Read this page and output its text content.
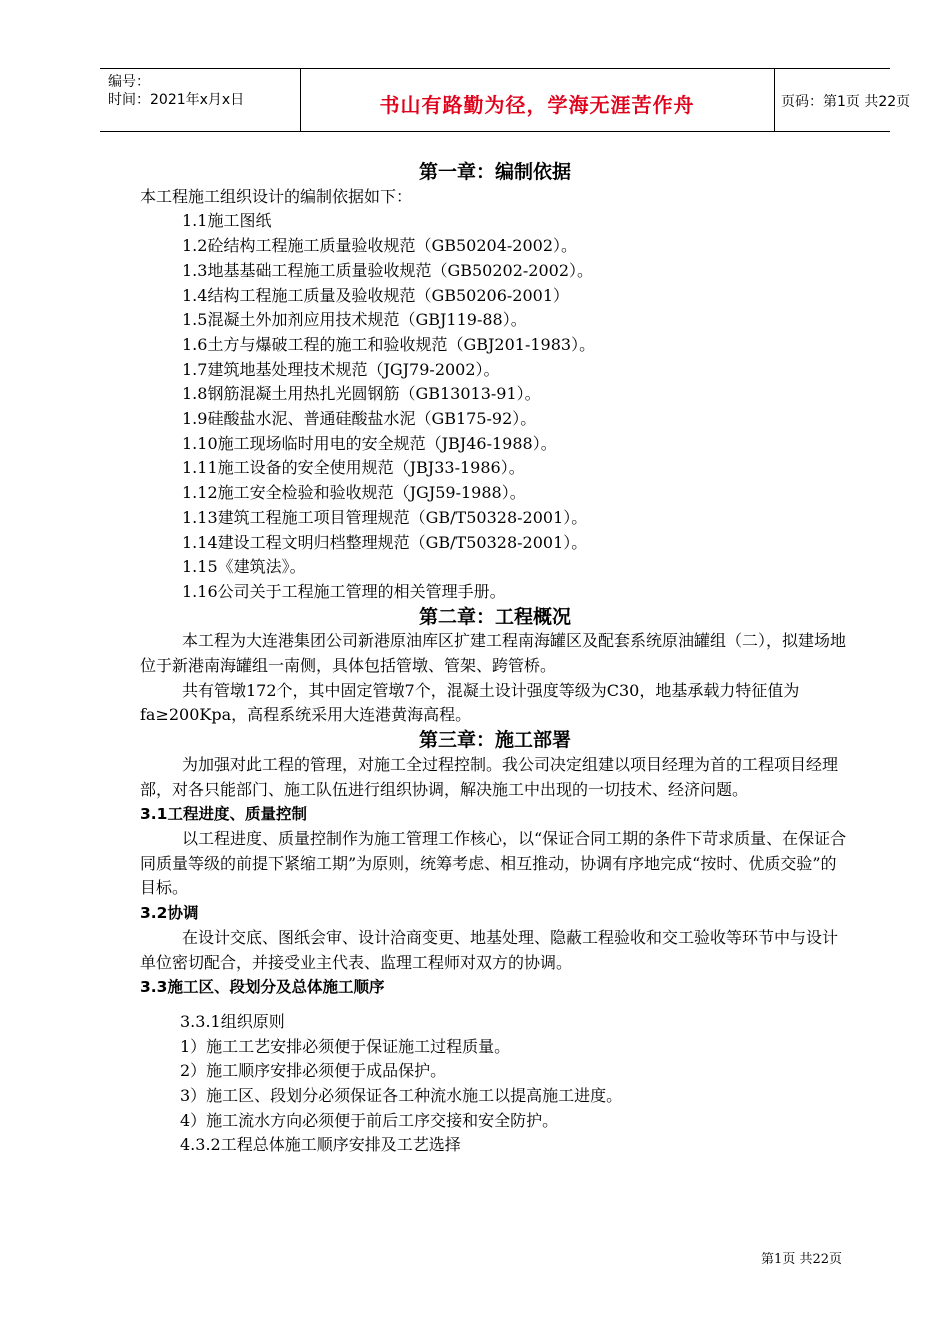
编号：
时间：2021年x月x日	书山有路勤为径，学海无涯苦作舟	页码：第1页 共22页

第一章：编制依据

本工程施工组织设计的编制依据如下：

1.1施工图纸

1.2砼结构工程施工质量验收规范（GB50204-2002）。

1.3地基基础工程施工质量验收规范（GB50202-2002）。

1.4结构工程施工质量及验收规范（GB50206-2001）

1.5混凝土外加剂应用技术规范（GBJ119-88）。

1.6土方与爆破工程的施工和验收规范（GBJ201-1983）。

1.7建筑地基处理技术规范（JGJ79-2002）。

1.8钢筋混凝土用热扎光圆钢筋（GB13013-91）。

1.9硅酸盐水泥、普通硅酸盐水泥（GB175-92）。

1.10施工现场临时用电的安全规范（JBJ46-1988）。

1.11施工设备的安全使用规范（JBJ33-1986）。

1.12施工安全检验和验收规范（JGJ59-1988）。

1.13建筑工程施工项目管理规范（GB/T50328-2001）。

1.14建设工程文明归档整理规范（GB/T50328-2001）。

1.15《建筑法》。

1.16公司关于工程施工管理的相关管理手册。

第二章：工程概况

本工程为大连港集团公司新港原油库区扩建工程南海罐区及配套系统原油罐组（二），拟建场地位于新港南海罐组一南侧，具体包括管墩、管架、跨管桥。

共有管墩172个，其中固定管墩7个，混凝土设计强度等级为C30，地基承载力特征值为fa≥200Kpa，高程系统采用大连港黄海高程。

第三章：施工部署

为加强对此工程的管理，对施工全过程控制。我公司决定组建以项目经理为首的工程项目经理部，对各只能部门、施工队伍进行组织协调，解决施工中出现的一切技术、经济问题。

3.1工程进度、质量控制

以工程进度、质量控制作为施工管理工作核心，以“保证合同工期的条件下苛求质量、在保证合同质量等级的前提下紧缩工期”为原则，统筹考虑、相互推动，协调有序地完成“按时、优质交验”的目标。

3.2协调

在设计交底、图纸会审、设计洽商变更、地基处理、隐蔽工程验收和交工验收等环节中与设计单位密切配合，并接受业主代表、监理工程师对双方的协调。

3.3施工区、段划分及总体施工顺序

3.3.1组织原则

1）施工工艺安排必须便于保证施工过程质量。

2）施工顺序安排必须便于成品保护。

3）施工区、段划分必须保证各工种流水施工以提高施工进度。

4）施工流水方向必须便于前后工序交接和安全防护。

4.3.2工程总体施工顺序安排及工艺选择

第1页 共22页
